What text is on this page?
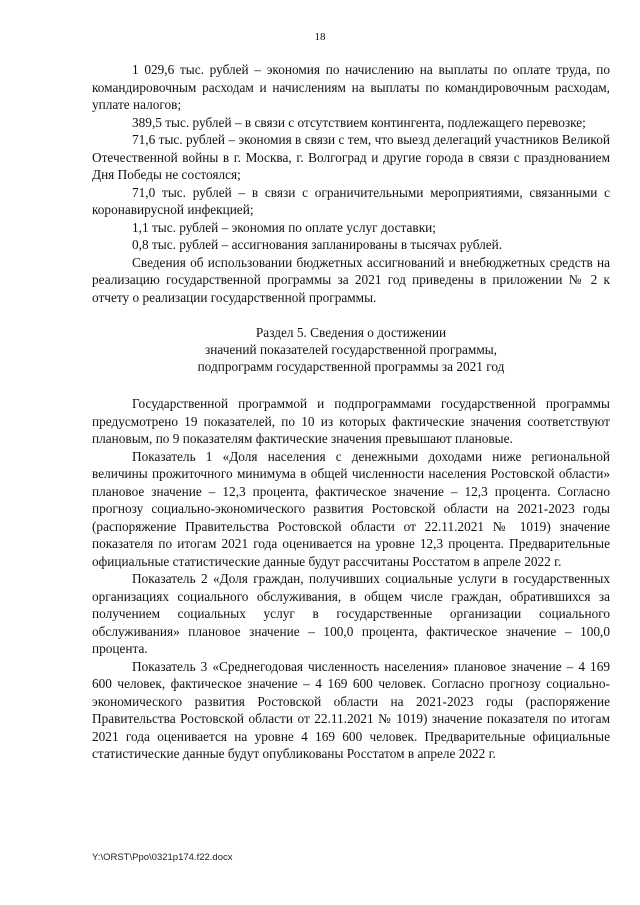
18

1 029,6 тыс. рублей – экономия по начислению на выплаты по оплате труда, по командировочным расходам и начислениям на выплаты по командировочным расходам, уплате налогов;

389,5 тыс. рублей – в связи с отсутствием контингента, подлежащего перевозке;

71,6 тыс. рублей – экономия в связи с тем, что выезд делегаций участников Великой Отечественной войны в г. Москва, г. Волгоград и другие города в связи с празднованием Дня Победы не состоялся;

71,0 тыс. рублей – в связи с ограничительными мероприятиями, связанными с коронавирусной инфекцией;

1,1 тыс. рублей – экономия по оплате услуг доставки;

0,8 тыс. рублей – ассигнования запланированы в тысячах рублей.

Сведения об использовании бюджетных ассигнований и внебюджетных средств на реализацию государственной программы за 2021 год приведены в приложении № 2 к отчету о реализации государственной программы.

Раздел 5. Сведения о достижении
значений показателей государственной программы,
подпрограмм государственной программы за 2021 год

Государственной программой и подпрограммами государственной программы предусмотрено 19 показателей, по 10 из которых фактические значения соответствуют плановым, по 9 показателям фактические значения превышают плановые.

Показатель 1 «Доля населения с денежными доходами ниже региональной величины прожиточного минимума в общей численности населения Ростовской области» плановое значение – 12,3 процента, фактическое значение – 12,3 процента. Согласно прогнозу социально-экономического развития Ростовской области на 2021-2023 годы (распоряжение Правительства Ростовской области от 22.11.2021 № 1019) значение показателя по итогам 2021 года оценивается на уровне 12,3 процента. Предварительные официальные статистические данные будут рассчитаны Росстатом в апреле 2022 г.

Показатель 2 «Доля граждан, получивших социальные услуги в государственных организациях социального обслуживания, в общем числе граждан, обратившихся за получением социальных услуг в государственные организации социального обслуживания» плановое значение – 100,0 процента, фактическое значение – 100,0 процента.

Показатель 3 «Среднегодовая численность населения» плановое значение – 4 169 600 человек, фактическое значение – 4 169 600 человек. Согласно прогнозу социально-экономического развития Ростовской области на 2021-2023 годы (распоряжение Правительства Ростовской области от 22.11.2021 № 1019) значение показателя по итогам 2021 года оценивается на уровне 4 169 600 человек. Предварительные официальные статистические данные будут опубликованы Росстатом в апреле 2022 г.

Y:\ORST\Ppo\0321p174.f22.docx
